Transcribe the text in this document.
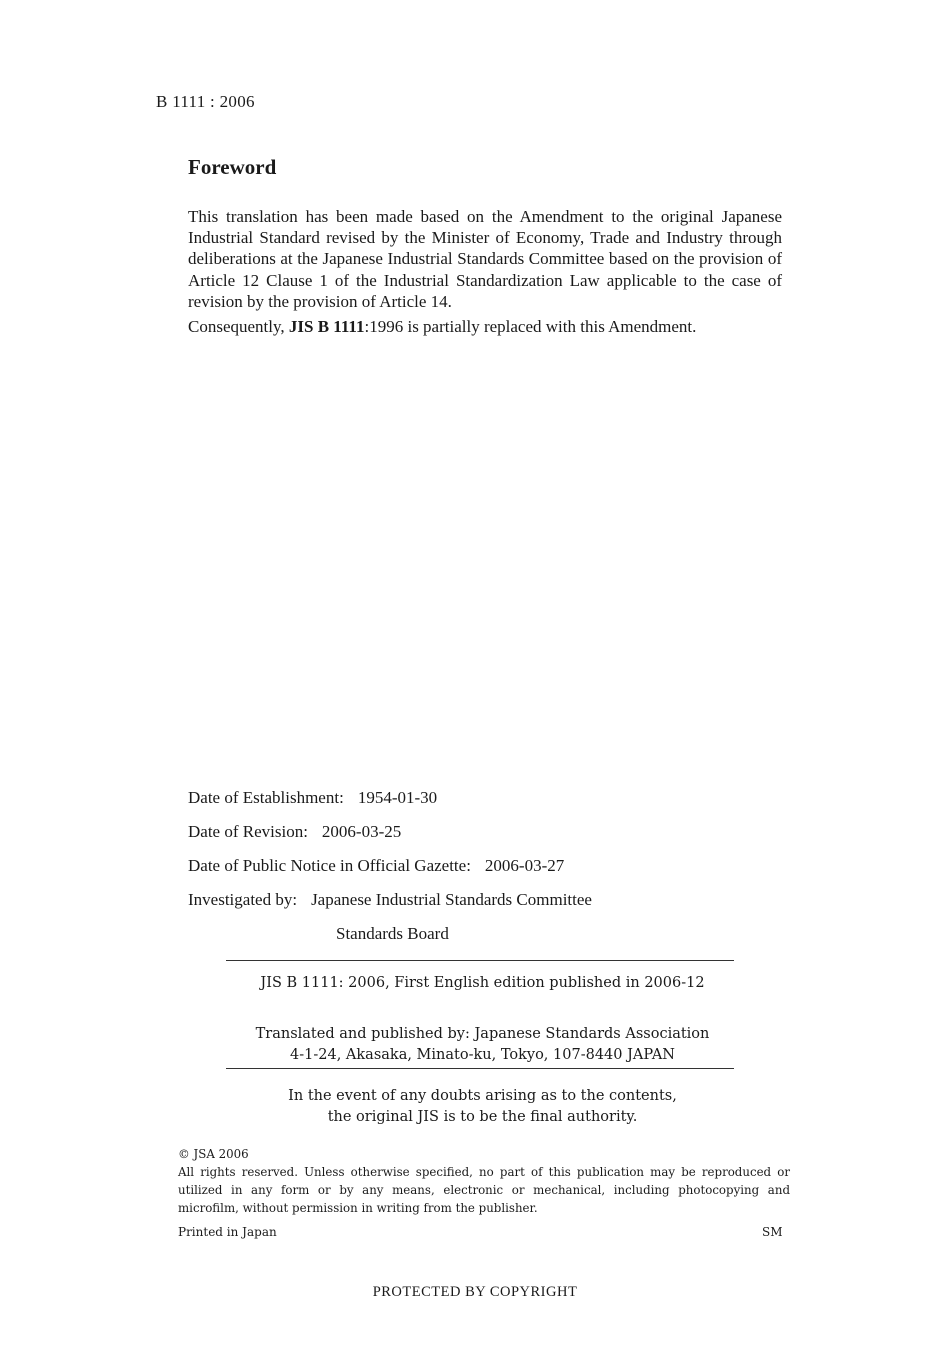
B 1111 : 2006
Foreword

This translation has been made based on the Amendment to the original Japanese Industrial Standard revised by the Minister of Economy, Trade and Industry through deliberations at the Japanese Industrial Standards Committee based on the provision of Article 12 Clause 1 of the Industrial Standardization Law applicable to the case of revision by the provision of Article 14.

Consequently, JIS B 1111:1996 is partially replaced with this Amendment.

Date of Establishment: 1954-01-30
Date of Revision: 2006-03-25
Date of Public Notice in Official Gazette: 2006-03-27
Investigated by: Japanese Industrial Standards Committee
Standards Board
JIS B 1111: 2006, First English edition published in 2006-12
Translated and published by: Japanese Standards Association
4-1-24, Akasaka, Minato-ku, Tokyo, 107-8440 JAPAN
In the event of any doubts arising as to the contents,
the original JIS is to be the final authority.

© JSA 2006

All rights reserved. Unless otherwise specified, no part of this publication may be reproduced or utilized in any form or by any means, electronic or mechanical, including photocopying and microfilm, without permission in writing from the publisher.

Printed in Japan	SM
PROTECTED BY COPYRIGHT
